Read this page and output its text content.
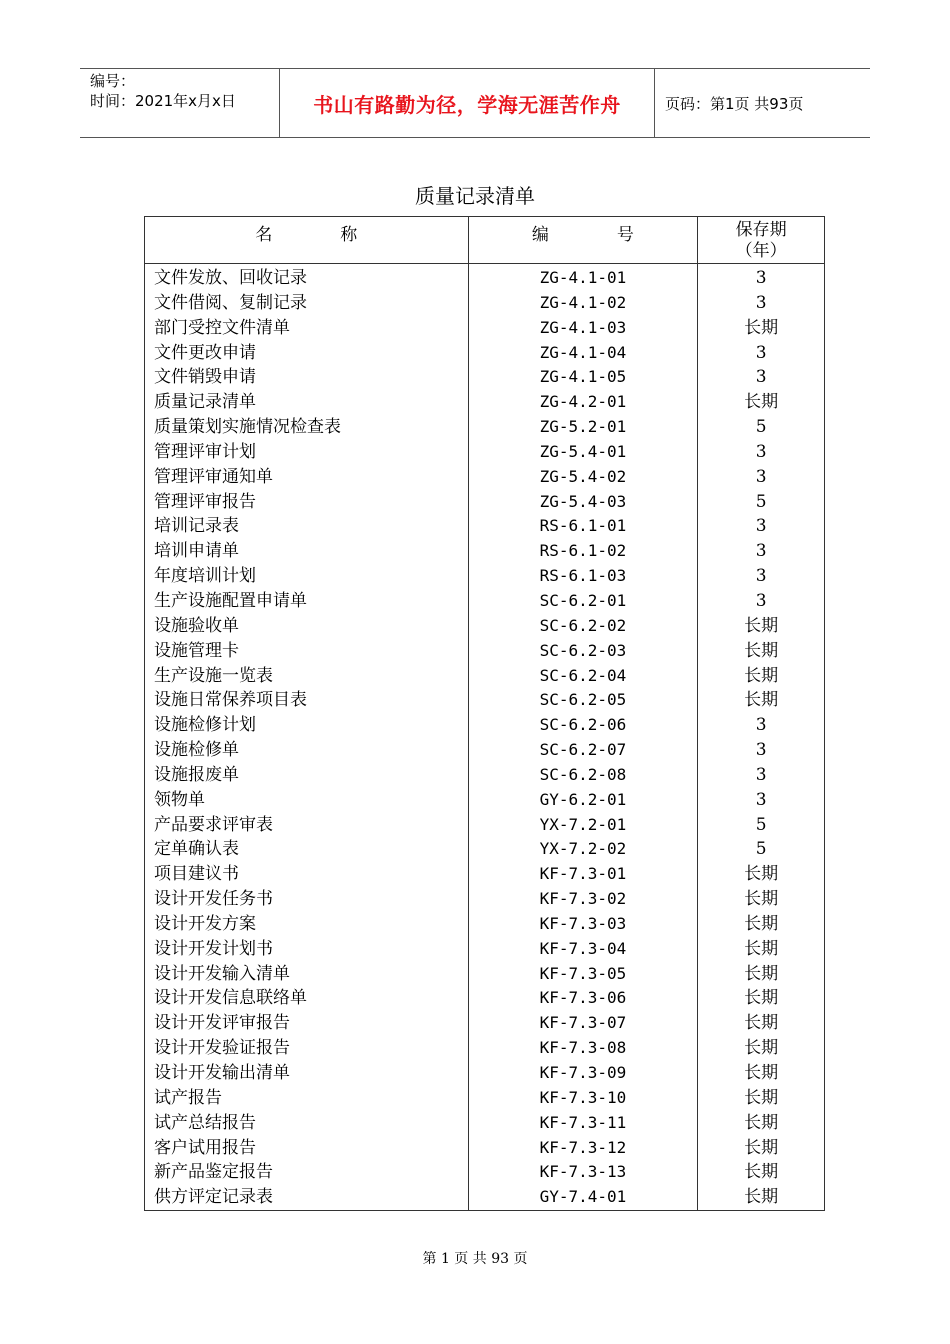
编号：
时间：2021年x月x日	书山有路勤为径，学海无涯苦作舟	页码：第1页 共93页
质量记录清单
名　　　　称	编　　　　号	保存期
（年）

文件发放、回收记录	ZG-4.1-01	3
文件借阅、复制记录	ZG-4.1-02	3
部门受控文件清单	ZG-4.1-03	长期
文件更改申请	ZG-4.1-04	3
文件销毁申请	ZG-4.1-05	3
质量记录清单	ZG-4.2-01	长期
质量策划实施情况检查表	ZG-5.2-01	5
管理评审计划	ZG-5.4-01	3
管理评审通知单	ZG-5.4-02	3
管理评审报告	ZG-5.4-03	5
培训记录表	RS-6.1-01	3
培训申请单	RS-6.1-02	3
年度培训计划	RS-6.1-03	3
生产设施配置申请单	SC-6.2-01	3
设施验收单	SC-6.2-02	长期
设施管理卡	SC-6.2-03	长期
生产设施一览表	SC-6.2-04	长期
设施日常保养项目表	SC-6.2-05	长期
设施检修计划	SC-6.2-06	3
设施检修单	SC-6.2-07	3
设施报废单	SC-6.2-08	3
领物单	GY-6.2-01	3
产品要求评审表	YX-7.2-01	5
定单确认表	YX-7.2-02	5
项目建议书	KF-7.3-01	长期
设计开发任务书	KF-7.3-02	长期
设计开发方案	KF-7.3-03	长期
设计开发计划书	KF-7.3-04	长期
设计开发输入清单	KF-7.3-05	长期
设计开发信息联络单	KF-7.3-06	长期
设计开发评审报告	KF-7.3-07	长期
设计开发验证报告	KF-7.3-08	长期
设计开发输出清单	KF-7.3-09	长期
试产报告	KF-7.3-10	长期
试产总结报告	KF-7.3-11	长期
客户试用报告	KF-7.3-12	长期
新产品鉴定报告	KF-7.3-13	长期
供方评定记录表	GY-7.4-01	长期
第 1 页 共 93 页
